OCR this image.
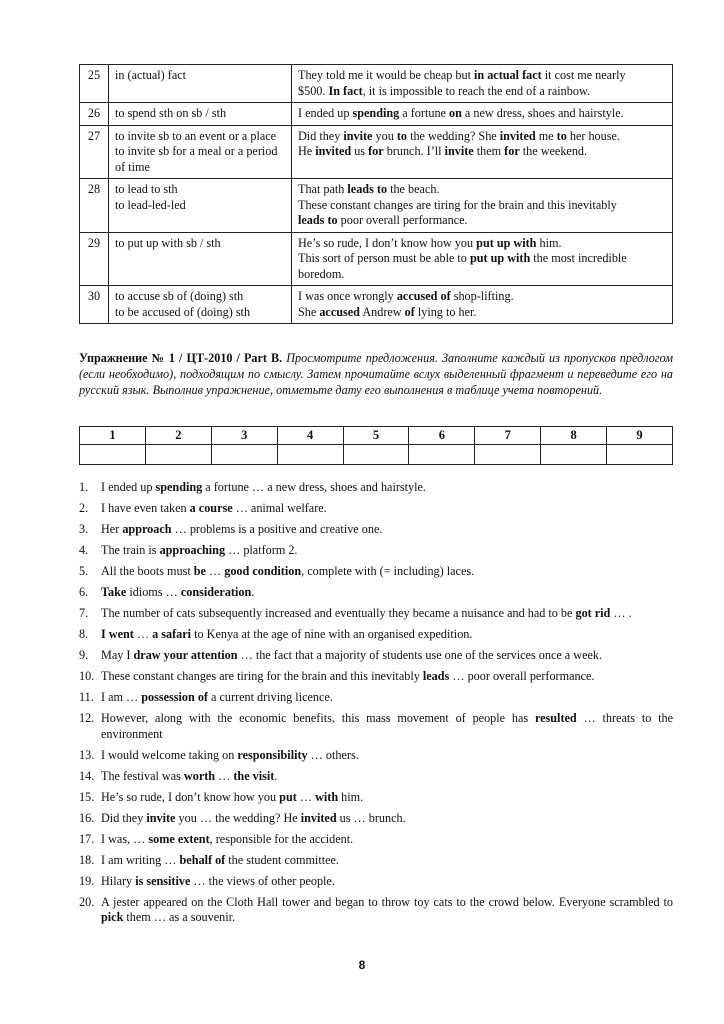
25	in (actual) fact	They told me it would be cheap but in actual fact it cost me nearly
$500. In fact, it is impossible to reach the end of a rainbow.

26	to spend sth on sb / sth	I ended up spending a fortune on a new dress, shoes and hairstyle.

27	to invite sb to an event or a place
to invite sb for a meal or a period of time	Did they invite you to the wedding? She invited me to her house.
He invited us for brunch. I’ll invite them for the weekend.

28	to lead to sth
to lead-led-led	That path leads to the beach.
These constant changes are tiring for the brain and this inevitably
leads to poor overall performance.

29	to put up with sb / sth	He’s so rude, I don’t know how you put up with him.
This sort of person must be able to put up with the most incredible
boredom.

30	to accuse sb of (doing) sth
to be accused of (doing) sth	I was once wrongly accused of shop-lifting.
She accused Andrew of lying to her.
Упражнение № 1 / ЦТ-2010 / Part B. Просмотрите предложения. Заполните каждый из пропусков предлогом (если необходимо), подходящим по смыслу. Затем прочитайте вслух выделенный фрагмент и переведите его на русский язык. Выполнив упражнение, отметьте дату его выполнения в таблице учета повторений.
1	2	3	4	5	6	7	8	9

1. I ended up spending a fortune … a new dress, shoes and hairstyle.
2. I have even taken a course … animal welfare.
3. Her approach … problems is a positive and creative one.
4. The train is approaching … platform 2.
5. All the boots must be … good condition, complete with (= including) laces.
6. Take idioms … consideration.
7. The number of cats subsequently increased and eventually they became a nuisance and had to be got rid … .
8. I went … a safari to Kenya at the age of nine with an organised expedition.
9. May I draw your attention … the fact that a majority of students use one of the services once a week.
10. These constant changes are tiring for the brain and this inevitably leads … poor overall performance.
11. I am … possession of a current driving licence.
12. However, along with the economic benefits, this mass movement of people has resulted … threats to the environment
13. I would welcome taking on responsibility … others.
14. The festival was worth … the visit.
15. He’s so rude, I don’t know how you put … with him.
16. Did they invite you … the wedding? He invited us … brunch.
17. I was, … some extent, responsible for the accident.
18. I am writing … behalf of the student committee.
19. Hilary is sensitive … the views of other people.
20. A jester appeared on the Cloth Hall tower and began to throw toy cats to the crowd below. Everyone scrambled to pick them … as a souvenir.
8
